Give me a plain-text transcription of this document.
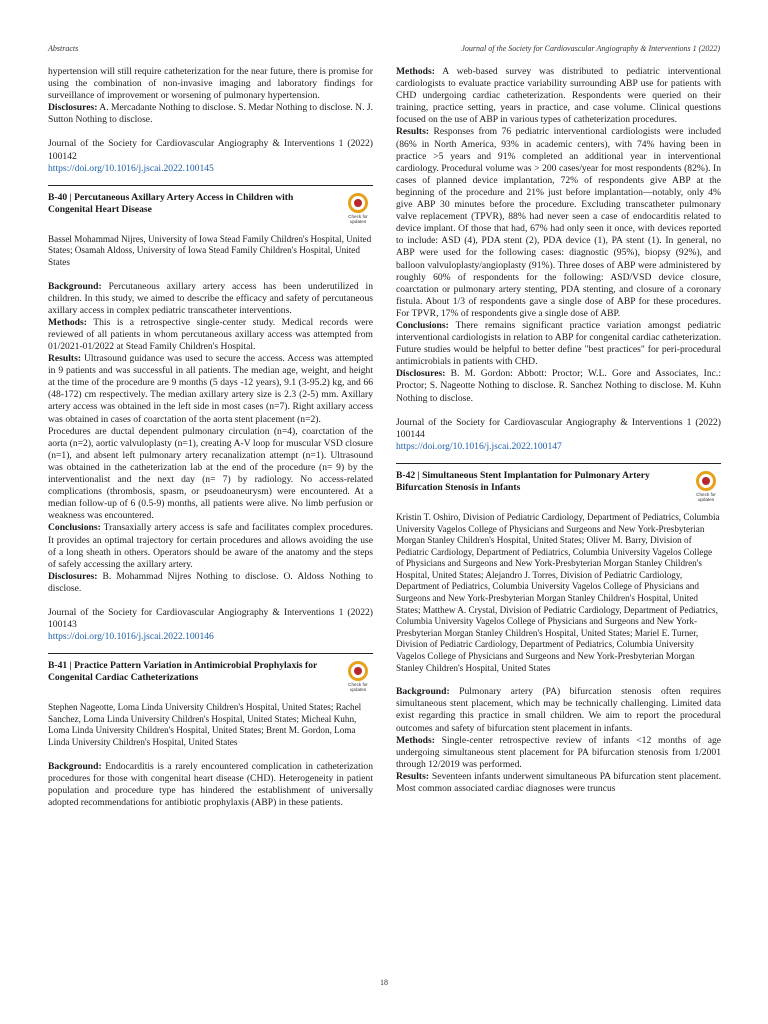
Abstracts	Journal of the Society for Cardiovascular Angiography & Interventions 1 (2022)

hypertension will still require catheterization for the near future, there is promise for using the combination of non-invasive imaging and laboratory findings for surveillance of improvement or worsening of pulmonary hypertension.

Disclosures: A. Mercadante Nothing to disclose. S. Medar Nothing to disclose. N. J. Sutton Nothing to disclose.

Journal of the Society for Cardiovascular Angiography & Interventions 1 (2022) 100142

https://doi.org/10.1016/j.jscai.2022.100145

B-40 | Percutaneous Axillary Artery Access in Children with Congenital Heart Disease
Check for
updates

Bassel Mohammad Nijres, University of Iowa Stead Family Children's Hospital, United States; Osamah Aldoss, University of Iowa Stead Family Children's Hospital, United States

Background: Percutaneous axillary artery access has been underutilized in children. In this study, we aimed to describe the efficacy and safety of percutaneous axillary access in complex pediatric transcatheter interventions.

Methods: This is a retrospective single-center study. Medical records were reviewed of all patients in whom percutaneous axillary access was attempted from 01/2021-01/2022 at Stead Family Children's Hospital.

Results: Ultrasound guidance was used to secure the access. Access was attempted in 9 patients and was successful in all patients. The median age, weight, and height at the time of the procedure are 9 months (5 days -12 years), 9.1 (3-95.2) kg, and 66 (48-172) cm respectively. The median axillary artery size is 2.3 (2-5) mm. Axillary artery access was obtained in the left side in most cases (n=7). Right axillary access was obtained in cases of coarctation of the aorta stent placement (n=2).

Procedures are ductal dependent pulmonary circulation (n=4), coarctation of the aorta (n=2), aortic valvuloplasty (n=1), creating A-V loop for muscular VSD closure (n=1), and absent left pulmonary artery recanalization attempt (n=1). Ultrasound was obtained in the catheterization lab at the end of the procedure (n= 9) by the interventionalist and the next day (n= 7) by radiology. No access-related complications (thrombosis, spasm, or pseudoaneurysm) were encountered. At a median follow-up of 6 (0.5-9) months, all patients were alive. No limb perfusion or weakness was encountered.

Conclusions: Transaxially artery access is safe and facilitates complex procedures. It provides an optimal trajectory for certain procedures and allows avoiding the use of a long sheath in others. Operators should be aware of the anatomy and the steps of safely accessing the axillary artery.

Disclosures: B. Mohammad Nijres Nothing to disclose. O. Aldoss Nothing to disclose.

Journal of the Society for Cardiovascular Angiography & Interventions 1 (2022) 100143

https://doi.org/10.1016/j.jscai.2022.100146

B-41 | Practice Pattern Variation in Antimicrobial Prophylaxis for Congenital Cardiac Catheterizations
Check for
updates

Stephen Nageotte, Loma Linda University Children's Hospital, United States; Rachel Sanchez, Loma Linda University Children's Hospital, United States; Micheal Kuhn, Loma Linda University Children's Hospital, United States; Brent M. Gordon, Loma Linda University Children's Hospital, United States

Background: Endocarditis is a rarely encountered complication in catheterization procedures for those with congenital heart disease (CHD). Heterogeneity in patient population and procedure type has hindered the establishment of universally adopted recommendations for antibiotic prophylaxis (ABP) in these patients.

Methods: A web-based survey was distributed to pediatric interventional cardiologists to evaluate practice variability surrounding ABP use for patients with CHD undergoing cardiac catheterization. Respondents were queried on their training, practice setting, years in practice, and case volume. Clinical questions focused on the use of ABP in various types of catheterization procedures.

Results: Responses from 76 pediatric interventional cardiologists were included (86% in North America, 93% in academic centers), with 74% having been in practice >5 years and 91% completed an additional year in interventional cardiology. Procedural volume was > 200 cases/year for most respondents (82%). In cases of planned device implantation, 72% of respondents give ABP at the beginning of the procedure and 21% just before implantation—notably, only 4% give ABP 30 minutes before the procedure. Excluding transcatheter pulmonary valve replacement (TPVR), 88% had never seen a case of endocarditis related to device implant. Of those that had, 67% had only seen it once, with devices reported to include: ASD (4), PDA stent (2), PDA device (1), PA stent (1). In general, no ABP were used for the following cases: diagnostic (95%), biopsy (92%), and balloon valvuloplasty/angioplasty (91%). Three doses of ABP were administered by roughly 60% of respondents for the following: ASD/VSD device closure, coarctation or pulmonary artery stenting, PDA stenting, and closure of a coronary fistula. About 1/3 of respondents gave a single dose of ABP for these procedures. For TPVR, 17% of respondents give a single dose of ABP.

Conclusions: There remains significant practice variation amongst pediatric interventional cardiologists in relation to ABP for congenital cardiac catheterization. Future studies would be helpful to better define "best practices" for peri-procedural antimicrobials in patients with CHD.

Disclosures: B. M. Gordon: Abbott: Proctor; W.L. Gore and Associates, Inc.: Proctor; S. Nageotte Nothing to disclose. R. Sanchez Nothing to disclose. M. Kuhn Nothing to disclose.

Journal of the Society for Cardiovascular Angiography & Interventions 1 (2022) 100144

https://doi.org/10.1016/j.jscai.2022.100147

B-42 | Simultaneous Stent Implantation for Pulmonary Artery Bifurcation Stenosis in Infants
Check for
updates

Kristin T. Oshiro, Division of Pediatric Cardiology, Department of Pediatrics, Columbia University Vagelos College of Physicians and Surgeons and New York-Presbyterian Morgan Stanley Children's Hospital, United States; Oliver M. Barry, Division of Pediatric Cardiology, Department of Pediatrics, Columbia University Vagelos College of Physicians and Surgeons and New York-Presbyterian Morgan Stanley Children's Hospital, United States; Alejandro J. Torres, Division of Pediatric Cardiology, Department of Pediatrics, Columbia University Vagelos College of Physicians and Surgeons and New York-Presbyterian Morgan Stanley Children's Hospital, United States; Matthew A. Crystal, Division of Pediatric Cardiology, Department of Pediatrics, Columbia University Vagelos College of Physicians and Surgeons and New York-Presbyterian Morgan Stanley Children's Hospital, United States; Mariel E. Turner, Division of Pediatric Cardiology, Department of Pediatrics, Columbia University Vagelos College of Physicians and Surgeons and New York-Presbyterian Morgan Stanley Children's Hospital, United States

Background: Pulmonary artery (PA) bifurcation stenosis often requires simultaneous stent placement, which may be technically challenging. Limited data exist regarding this practice in small children. We aim to report the procedural outcomes and safety of bifurcation stent placement in infants.

Methods: Single-center retrospective review of infants <12 months of age undergoing simultaneous stent placement for PA bifurcation stenosis from 1/2001 through 12/2019 was performed.

Results: Seventeen infants underwent simultaneous PA bifurcation stent placement. Most common associated cardiac diagnoses were truncus

18
